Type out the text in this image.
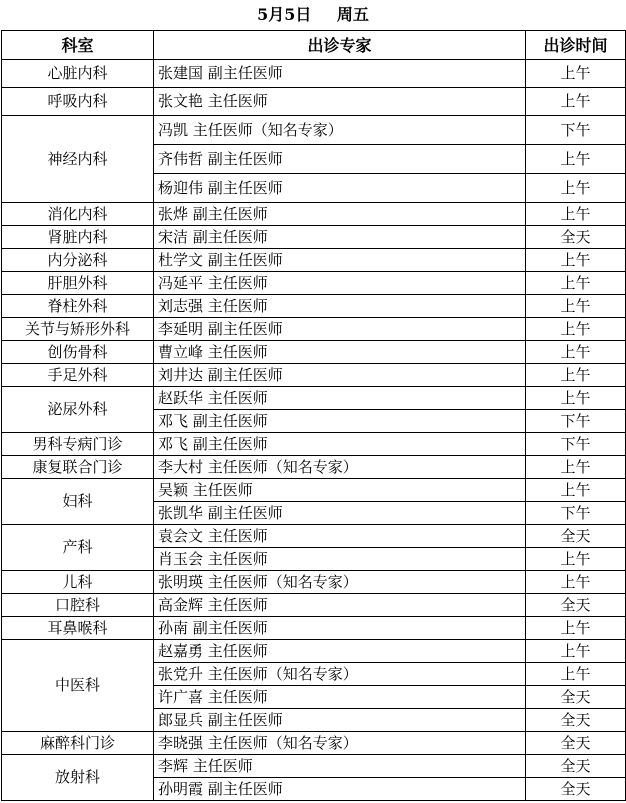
5月5日 周五
科室	出诊专家	出诊时间
心脏内科	张建国 副主任医师	上午
呼吸内科	张文艳 主任医师	上午
神经内科	冯凯 主任医师（知名专家）	下午
	齐伟哲 副主任医师	上午
	杨迎伟 副主任医师	上午
消化内科	张烨 副主任医师	上午
肾脏内科	宋洁 副主任医师	全天
内分泌科	杜学文 副主任医师	上午
肝胆外科	冯延平 主任医师	上午
脊柱外科	刘志强 主任医师	上午
关节与矫形外科	李延明 副主任医师	上午
创伤骨科	曹立峰 主任医师	上午
手足外科	刘井达 副主任医师	上午
泌尿外科	赵跃华 主任医师	上午
	邓飞 副主任医师	下午
男科专病门诊	邓飞 副主任医师	下午
康复联合门诊	李大村 主任医师（知名专家）	上午
妇科	吴颖 主任医师	上午
	张凯华 副主任医师	下午
产科	袁会文 主任医师	全天
	肖玉会 主任医师	上午
儿科	张明瑛 主任医师（知名专家）	上午
口腔科	高金辉 主任医师	全天
耳鼻喉科	孙南 副主任医师	上午
中医科	赵嘉勇 主任医师	上午
	张党升 主任医师（知名专家）	上午
	许广喜 主任医师	全天
	郎显兵 副主任医师	全天
麻醉科门诊	李晓强 主任医师（知名专家）	全天
放射科	李辉 主任医师	全天
	孙明霞 副主任医师	全天
